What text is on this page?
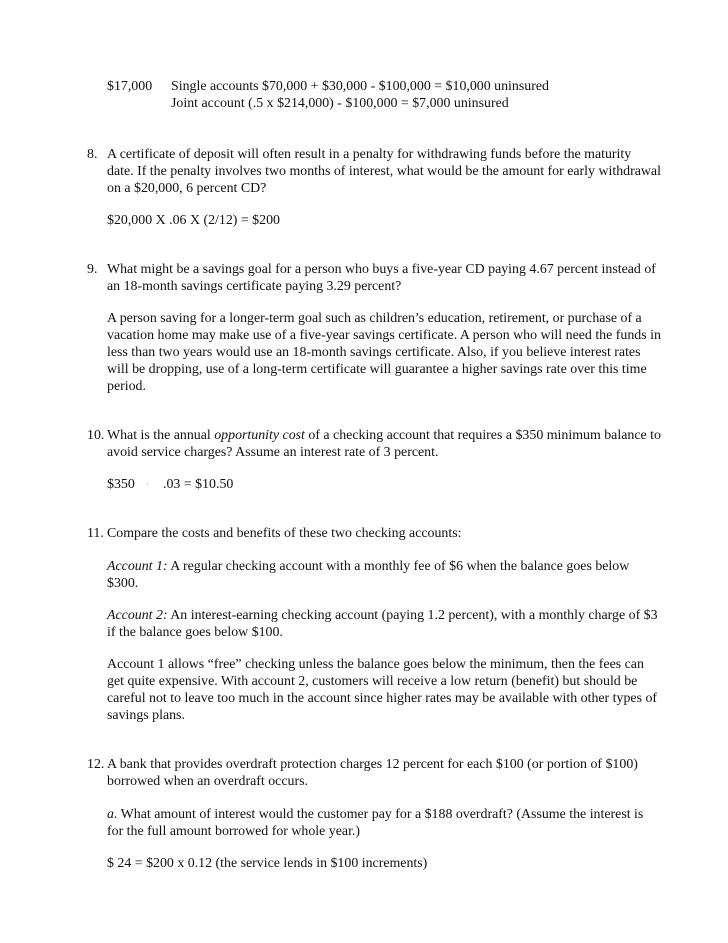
$17,000 Single accounts $70,000 + $30,000 - $100,000 = $10,000 uninsured
Joint account (.5 x $214,000) - $100,000 = $7,000 uninsured
8. A certificate of deposit will often result in a penalty for withdrawing funds before the maturity
date. If the penalty involves two months of interest, what would be the amount for early withdrawal
on a $20,000, 6 percent CD?
$20,000 X .06 X (2/12) = $200
9. What might be a savings goal for a person who buys a five-year CD paying 4.67 percent instead of
an 18-month savings certificate paying 3.29 percent?
A person saving for a longer-term goal such as children’s education, retirement, or purchase of a
vacation home may make use of a five-year savings certificate. A person who will need the funds in
less than two years would use an 18-month savings certificate. Also, if you believe interest rates
will be dropping, use of a long-term certificate will guarantee a higher savings rate over this time
period.
10. What is the annual opportunity cost of a checking account that requires a $350 minimum balance to
avoid service charges? Assume an interest rate of 3 percent.
$350 ⋅ .03 = $10.50
11. Compare the costs and benefits of these two checking accounts:
Account 1: A regular checking account with a monthly fee of $6 when the balance goes below
$300.
Account 2: An interest-earning checking account (paying 1.2 percent), with a monthly charge of $3
if the balance goes below $100.
Account 1 allows “free” checking unless the balance goes below the minimum, then the fees can
get quite expensive. With account 2, customers will receive a low return (benefit) but should be
careful not to leave too much in the account since higher rates may be available with other types of
savings plans.
12. A bank that provides overdraft protection charges 12 percent for each $100 (or portion of $100)
borrowed when an overdraft occurs.
a. What amount of interest would the customer pay for a $188 overdraft? (Assume the interest is
for the full amount borrowed for whole year.)
$ 24 = $200 x 0.12 (the service lends in $100 increments)
